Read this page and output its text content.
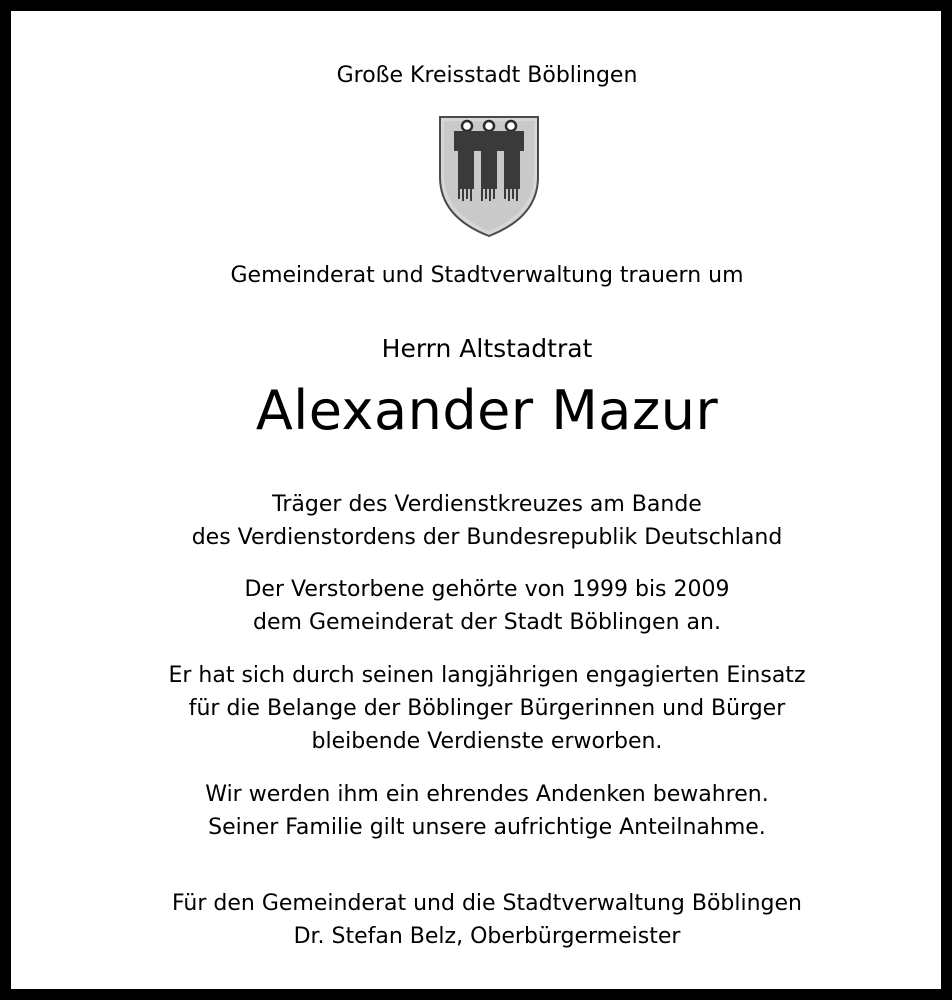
Große Kreisstadt Böblingen

Gemeinderat und Stadtverwaltung trauern um

Herrn Altstadtrat

Alexander Mazur

Träger des Verdienstkreuzes am Bande

des Verdienstordens der Bundesrepublik Deutschland

Der Verstorbene gehörte von 1999 bis 2009

dem Gemeinderat der Stadt Böblingen an.

Er hat sich durch seinen langjährigen engagierten Einsatz

für die Belange der Böblinger Bürgerinnen und Bürger

bleibende Verdienste erworben.

Wir werden ihm ein ehrendes Andenken bewahren.

Seiner Familie gilt unsere aufrichtige Anteilnahme.

Für den Gemeinderat und die Stadtverwaltung Böblingen

Dr. Stefan Belz, Oberbürgermeister
